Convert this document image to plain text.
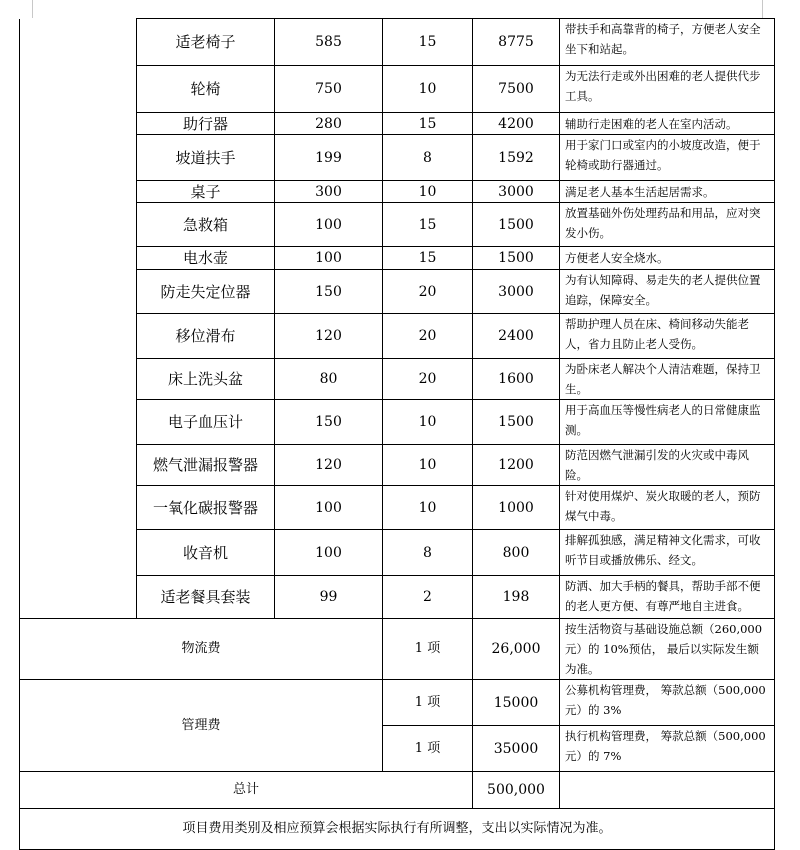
	适老椅子	585	15	8775	带扶手和高靠背的椅子，方便老人安全坐下和站起。
	轮椅	750	10	7500	为无法行走或外出困难的老人提供代步工具。
	助行器	280	15	4200	辅助行走困难的老人在室内活动。
	坡道扶手	199	8	1592	用于家门口或室内的小坡度改造，便于轮椅或助行器通过。
	桌子	300	10	3000	满足老人基本生活起居需求。
	急救箱	100	15	1500	放置基础外伤处理药品和用品，应对突发小伤。
	电水壶	100	15	1500	方便老人安全烧水。
	防走失定位器	150	20	3000	为有认知障碍、易走失的老人提供位置追踪，保障安全。
	移位滑布	120	20	2400	帮助护理人员在床、椅间移动失能老人，省力且防止老人受伤。
	床上洗头盆	80	20	1600	为卧床老人解决个人清洁难题，保持卫生。
	电子血压计	150	10	1500	用于高血压等慢性病老人的日常健康监测。
	燃气泄漏报警器	120	10	1200	防范因燃气泄漏引发的火灾或中毒风险。
	一氧化碳报警器	100	10	1000	针对使用煤炉、炭火取暖的老人，预防煤气中毒。
	收音机	100	8	800	排解孤独感，满足精神文化需求，可收听节目或播放佛乐、经文。
	适老餐具套装	99	2	198	防洒、加大手柄的餐具，帮助手部不便的老人更方便、有尊严地自主进食。
物流费			1 项	26,000	按生活物资与基础设施总额（260,000 元）的 10%预估， 最后以实际发生额为准。
管理费			1 项	15000	公募机构管理费， 筹款总额（500,000 元）的 3%
			1 项	35000	执行机构管理费， 筹款总额（500,000 元）的 7%
总计				500,000	
项目费用类别及相应预算会根据实际执行有所调整，支出以实际情况为准。					
